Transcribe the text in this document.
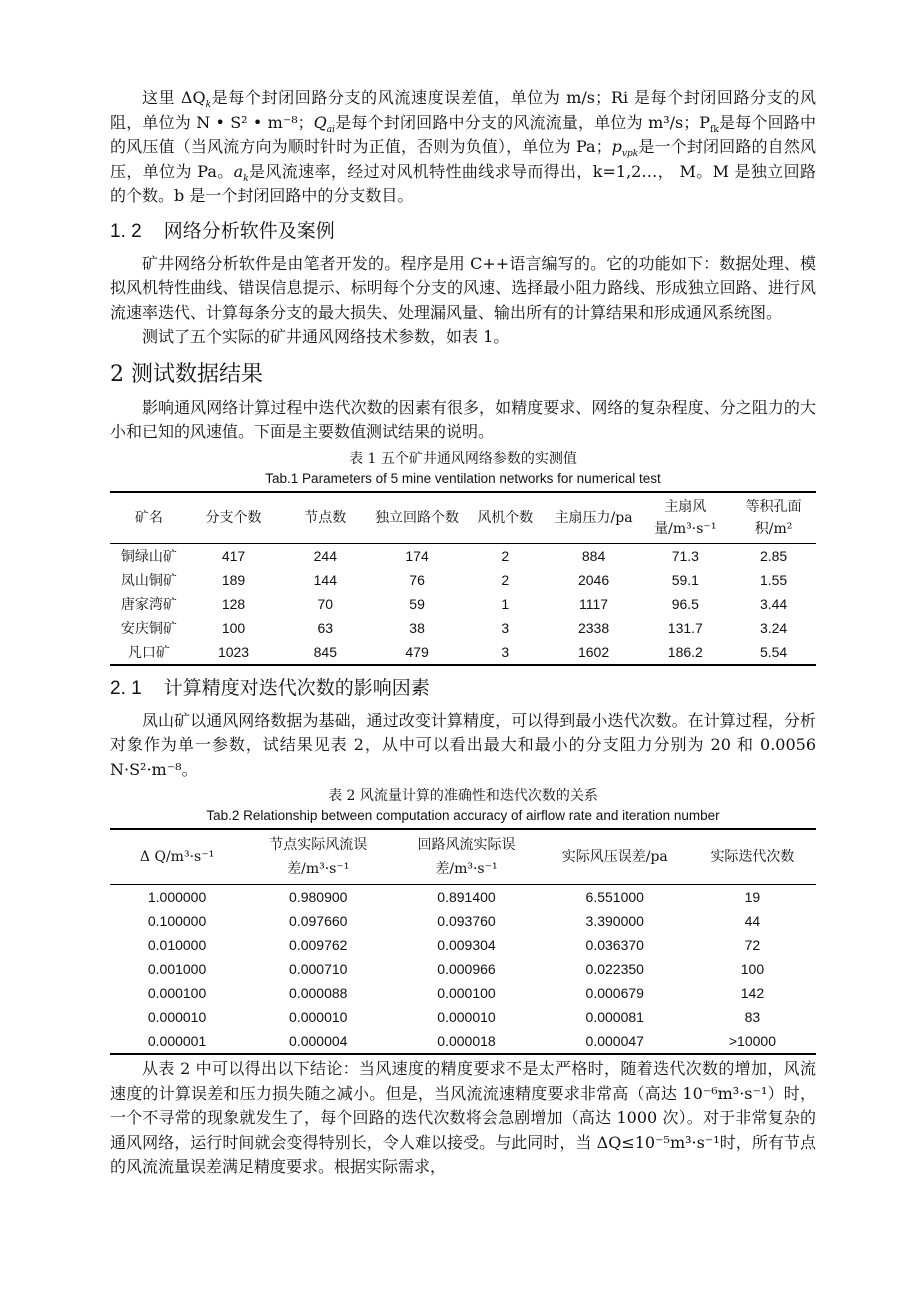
这里 $\Delta Q_k$是每个封闭回路分支的风流速度误差值，单位为 m/s；Ri 是每个封闭回路分支的风阻，单位为 N • S² • m⁻⁸；$Q_{ai}$是每个封闭回路中分支的风流流量，单位为 m³/s；$P_{fk}$是每个回路中的风压值（当风流方向为顺时针时为正值，否则为负值），单位为 Pa；$p_{vpk}$是一个封闭回路的自然风压，单位为 Pa。$a_k$是风流速率，经过对风机特性曲线求导而得出，k=1,2…， M。M 是独立回路的个数。b 是一个封闭回路中的分支数目。

1. 2 网络分析软件及案例

矿井网络分析软件是由笔者开发的。程序是用 C++语言编写的。它的功能如下：数据处理、模拟风机特性曲线、错误信息提示、标明每个分支的风速、选择最小阻力路线、形成独立回路、进行风流速率迭代、计算每条分支的最大损失、处理漏风量、输出所有的计算结果和形成通风系统图。

测试了五个实际的矿井通风网络技术参数，如表 1。

2 测试数据结果

影响通风网络计算过程中迭代次数的因素有很多，如精度要求、网络的复杂程度、分之阻力的大小和已知的风速值。下面是主要数值测试结果的说明。

表 1 五个矿井通风网络参数的实测值
Tab.1 Parameters of 5 mine ventilation networks for numerical test
矿名	分支个数	节点数	独立回路个数	风机个数	主扇压力/pa	主扇风量/m³·s⁻¹	等积孔面积/m²
铜绿山矿	417	244	174	2	884	71.3	2.85
凤山铜矿	189	144	76	2	2046	59.1	1.55
唐家湾矿	128	70	59	1	1117	96.5	3.44
安庆铜矿	100	63	38	3	2338	131.7	3.24
凡口矿	1023	845	479	3	1602	186.2	5.54
2. 1 计算精度对迭代次数的影响因素

凤山矿以通风网络数据为基础，通过改变计算精度，可以得到最小迭代次数。在计算过程，分析对象作为单一参数，试结果见表 2，从中可以看出最大和最小的分支阻力分别为 20 和 0.0056 N·S²·m⁻⁸。

表 2 风流量计算的准确性和迭代次数的关系
Tab.2 Relationship between computation accuracy of airflow rate and iteration number
Δ Q/m³·s⁻¹	节点实际风流误差/m³·s⁻¹	回路风流实际误差/m³·s⁻¹	实际风压误差/pa	实际迭代次数
1.000000	0.980900	0.891400	6.551000	19
0.100000	0.097660	0.093760	3.390000	44
0.010000	0.009762	0.009304	0.036370	72
0.001000	0.000710	0.000966	0.022350	100
0.000100	0.000088	0.000100	0.000679	142
0.000010	0.000010	0.000010	0.000081	83
0.000001	0.000004	0.000018	0.000047	>10000

从表 2 中可以得出以下结论：当风速度的精度要求不是太严格时，随着迭代次数的增加，风流速度的计算误差和压力损失随之减小。但是，当风流流速精度要求非常高（高达 10⁻⁶m³·s⁻¹）时，一个不寻常的现象就发生了，每个回路的迭代次数将会急剧增加（高达 1000 次）。对于非常复杂的通风网络，运行时间就会变得特别长，令人难以接受。与此同时，当 ΔQ≤10⁻⁵m³·s⁻¹时，所有节点的风流流量误差满足精度要求。根据实际需求，
